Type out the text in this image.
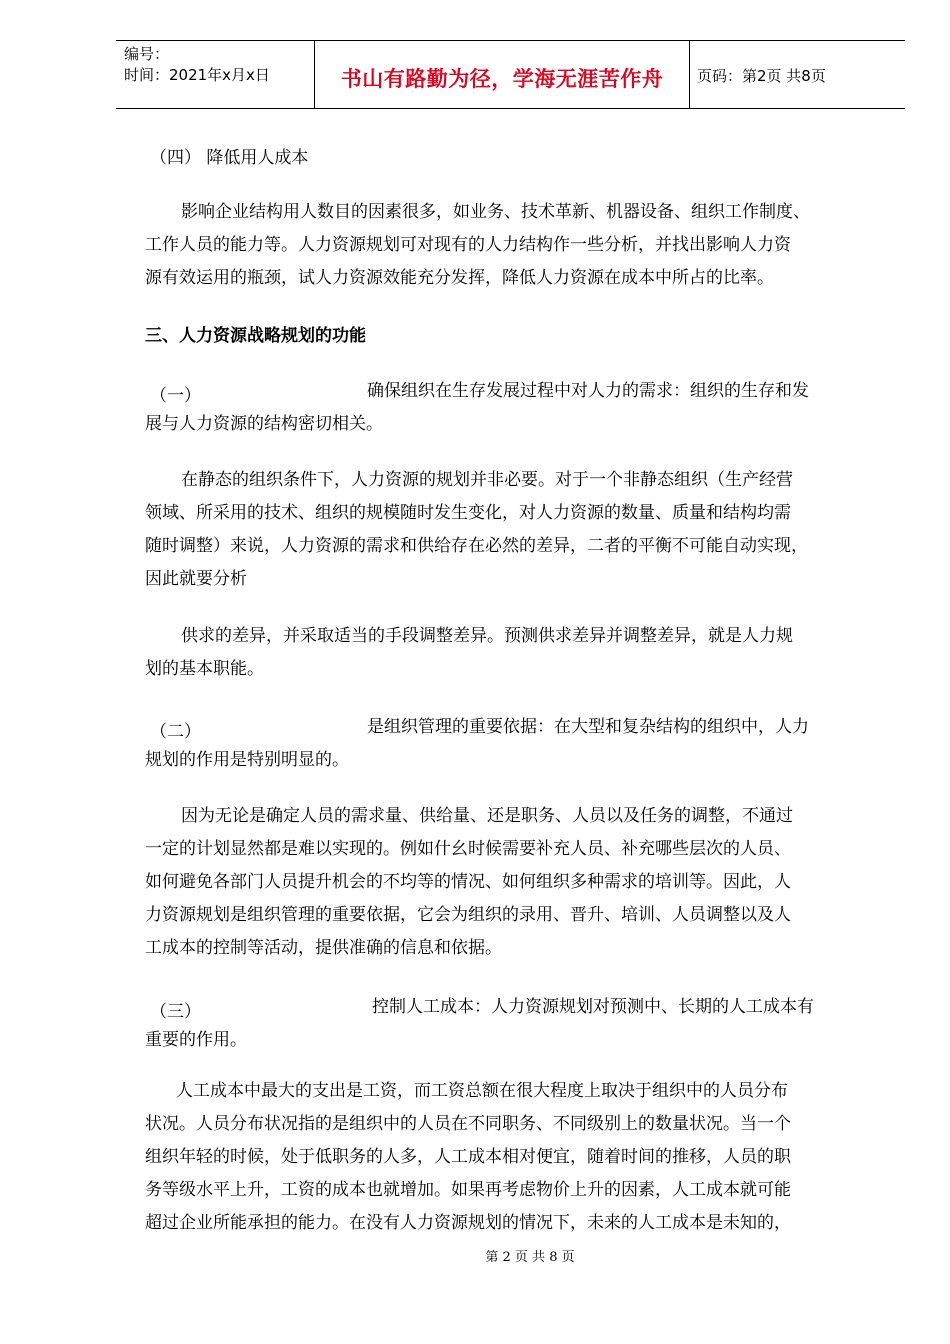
编号：
时间：2021年x月x日	书山有路勤为径，学海无涯苦作舟	页码：第2页 共8页
（四） 降低用人成本
影响企业结构用人数目的因素很多，如业务、技术革新、机器设备、组织工作制度、
工作人员的能力等。人力资源规划可对现有的人力结构作一些分析，并找出影响人力资
源有效运用的瓶颈，试人力资源效能充分发挥，降低人力资源在成本中所占的比率。
三、人力资源战略规划的功能
（一）	确保组织在生存发展过程中对人力的需求：组织的生存和发
展与人力资源的结构密切相关。
在静态的组织条件下，人力资源的规划并非必要。对于一个非静态组织（生产经营
领域、所采用的技术、组织的规模随时发生变化，对人力资源的数量、质量和结构均需
随时调整）来说，人力资源的需求和供给存在必然的差异，二者的平衡不可能自动实现，
因此就要分析
供求的差异，并采取适当的手段调整差异。预测供求差异并调整差异，就是人力规
划的基本职能。
（二）	是组织管理的重要依据：在大型和复杂结构的组织中，人力
规划的作用是特别明显的。
因为无论是确定人员的需求量、供给量、还是职务、人员以及任务的调整，不通过
一定的计划显然都是难以实现的。例如什幺时候需要补充人员、补充哪些层次的人员、
如何避免各部门人员提升机会的不均等的情况、如何组织多种需求的培训等。因此，人
力资源规划是组织管理的重要依据，它会为组织的录用、晋升、培训、人员调整以及人
工成本的控制等活动，提供准确的信息和依据。
（三）	控制人工成本：人力资源规划对预测中、长期的人工成本有
重要的作用。
人工成本中最大的支出是工资，而工资总额在很大程度上取决于组织中的人员分布
状况。人员分布状况指的是组织中的人员在不同职务、不同级别上的数量状况。当一个
组织年轻的时候，处于低职务的人多，人工成本相对便宜，随着时间的推移，人员的职
务等级水平上升，工资的成本也就增加。如果再考虑物价上升的因素，人工成本就可能
超过企业所能承担的能力。在没有人力资源规划的情况下，未来的人工成本是未知的，
第 2 页 共 8 页
